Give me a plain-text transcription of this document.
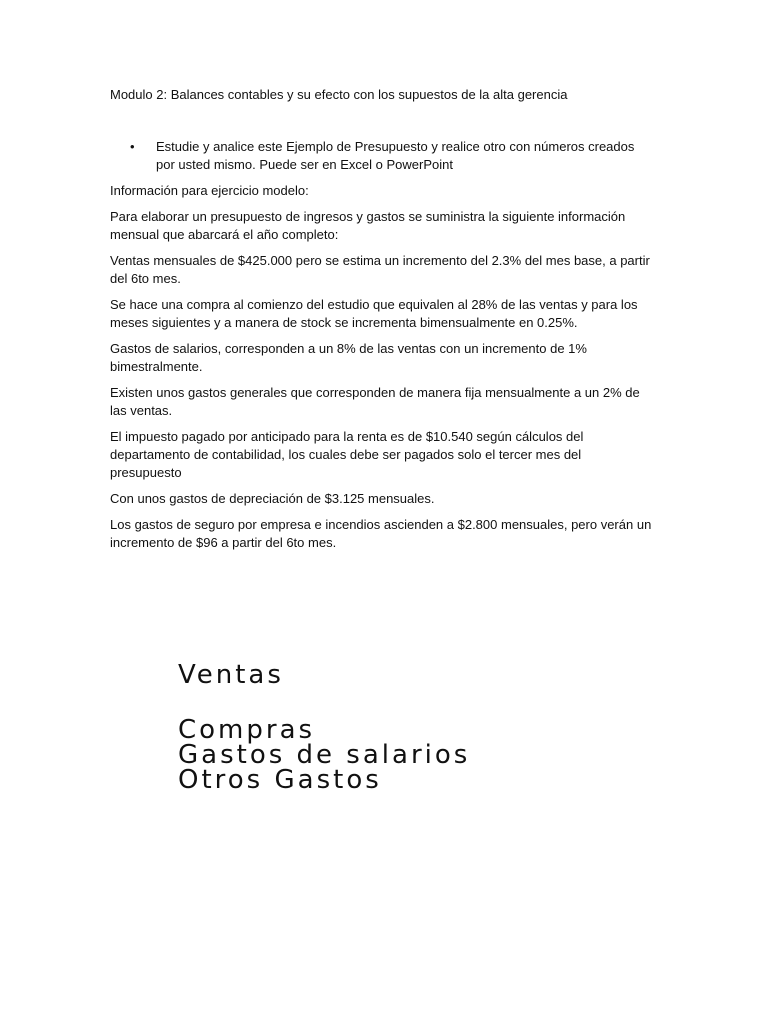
Modulo 2: Balances contables y su efecto con los supuestos de la alta gerencia
• Estudie y analice este Ejemplo de Presupuesto y realice otro con números creados por usted mismo. Puede ser en Excel o PowerPoint

Información para ejercicio modelo:

Para elaborar un presupuesto de ingresos y gastos se suministra la siguiente información mensual que abarcará el año completo:

Ventas mensuales de $425.000 pero se estima un incremento del 2.3% del mes base, a partir del 6to mes.

Se hace una compra al comienzo del estudio que equivalen al 28% de las ventas y para los meses siguientes y a manera de stock se incrementa bimensualmente en 0.25%.

Gastos de salarios, corresponden a un 8% de las ventas con un incremento de 1% bimestralmente.

Existen unos gastos generales que corresponden de manera fija mensualmente a un 2% de las ventas.

El impuesto pagado por anticipado para la renta es de $10.540 según cálculos del departamento de contabilidad, los cuales debe ser pagados solo el tercer mes del presupuesto

Con unos gastos de depreciación de $3.125 mensuales.

Los gastos de seguro por empresa e incendios ascienden a $2.800 mensuales, pero verán un incremento de $96 a partir del 6to mes.

Ventas
Compras
Gastos de salarios
Otros Gastos
